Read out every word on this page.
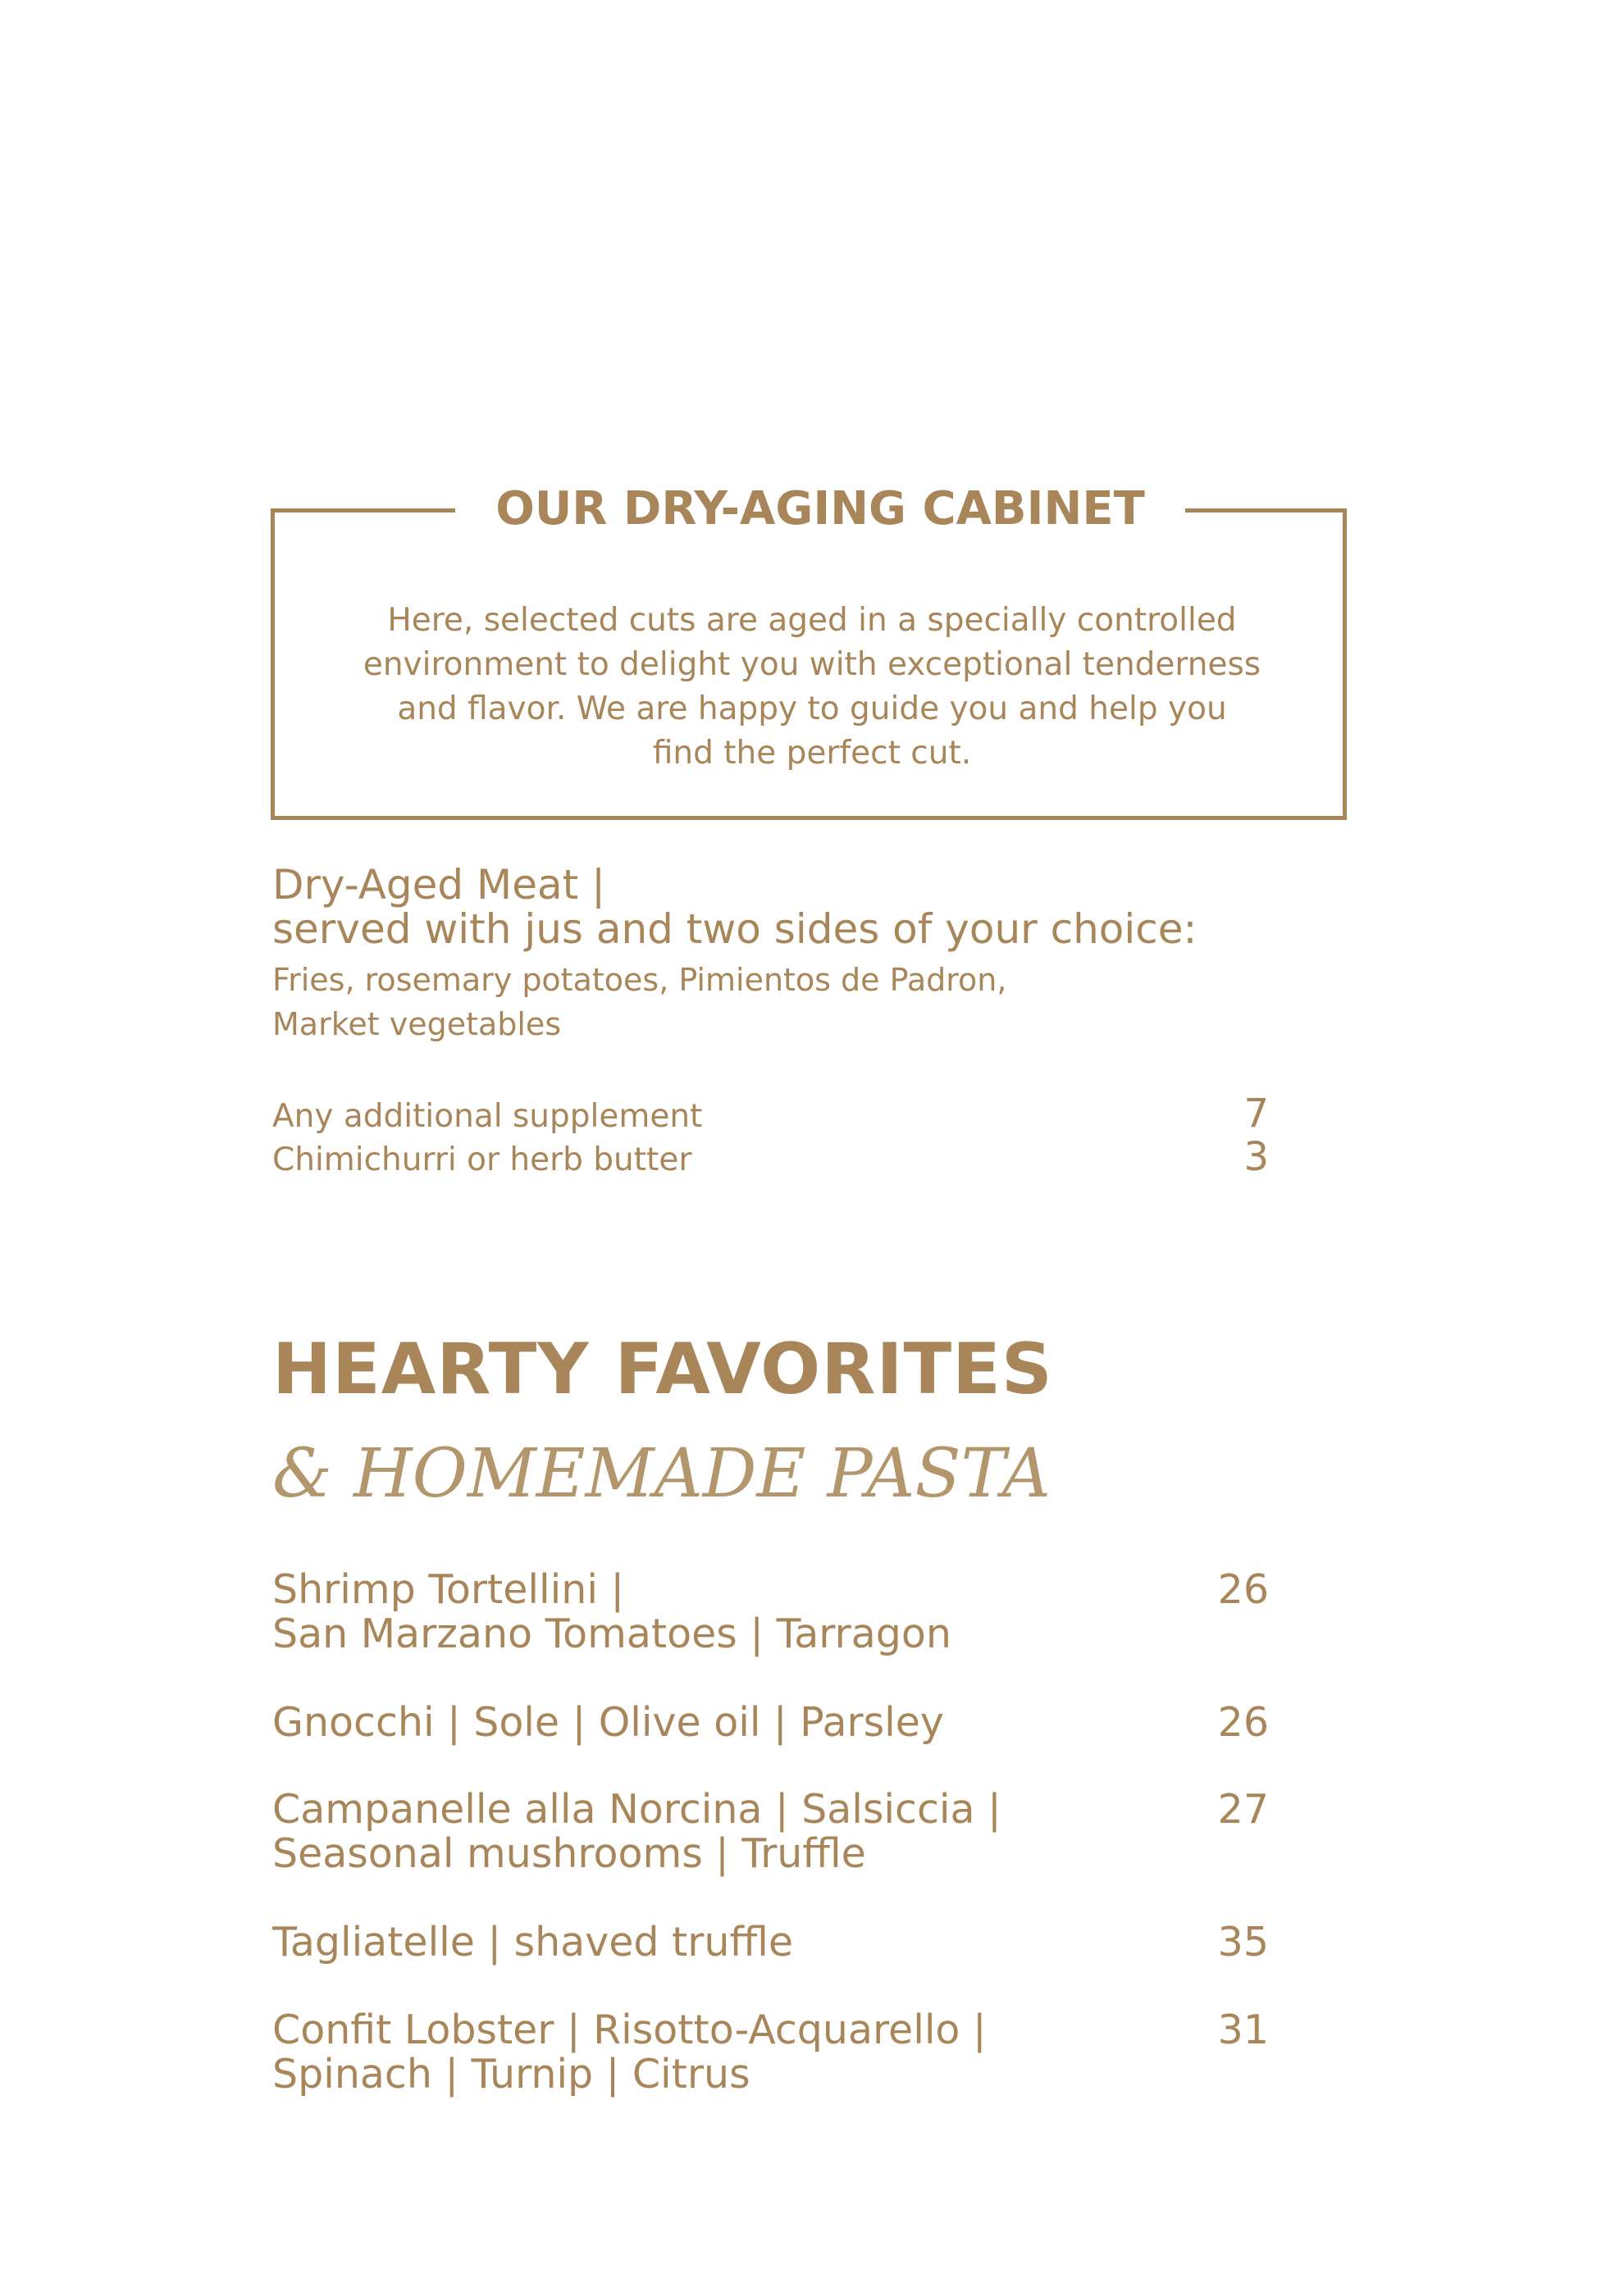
OUR DRY-AGING CABINET
Here, selected cuts are aged in a specially controlled
environment to delight you with exceptional tenderness
and flavor. We are happy to guide you and help you
find the perfect cut.
Dry-Aged Meat |
served with jus and two sides of your choice:
Fries, rosemary potatoes, Pimientos de Padron,
Market vegetables
Any additional supplement	7
Chimichurri or herb butter	3
HEARTY FAVORITES
& HOMEMADE PASTA
Shrimp Tortellini |
San Marzano Tomatoes | Tarragon
26
Gnocchi | Sole | Olive oil | Parsley	26
Campanelle alla Norcina | Salsiccia |
Seasonal mushrooms | Truffle
27
Tagliatelle | shaved truffle	35
Confit Lobster | Risotto-Acquarello |
Spinach | Turnip | Citrus
31
